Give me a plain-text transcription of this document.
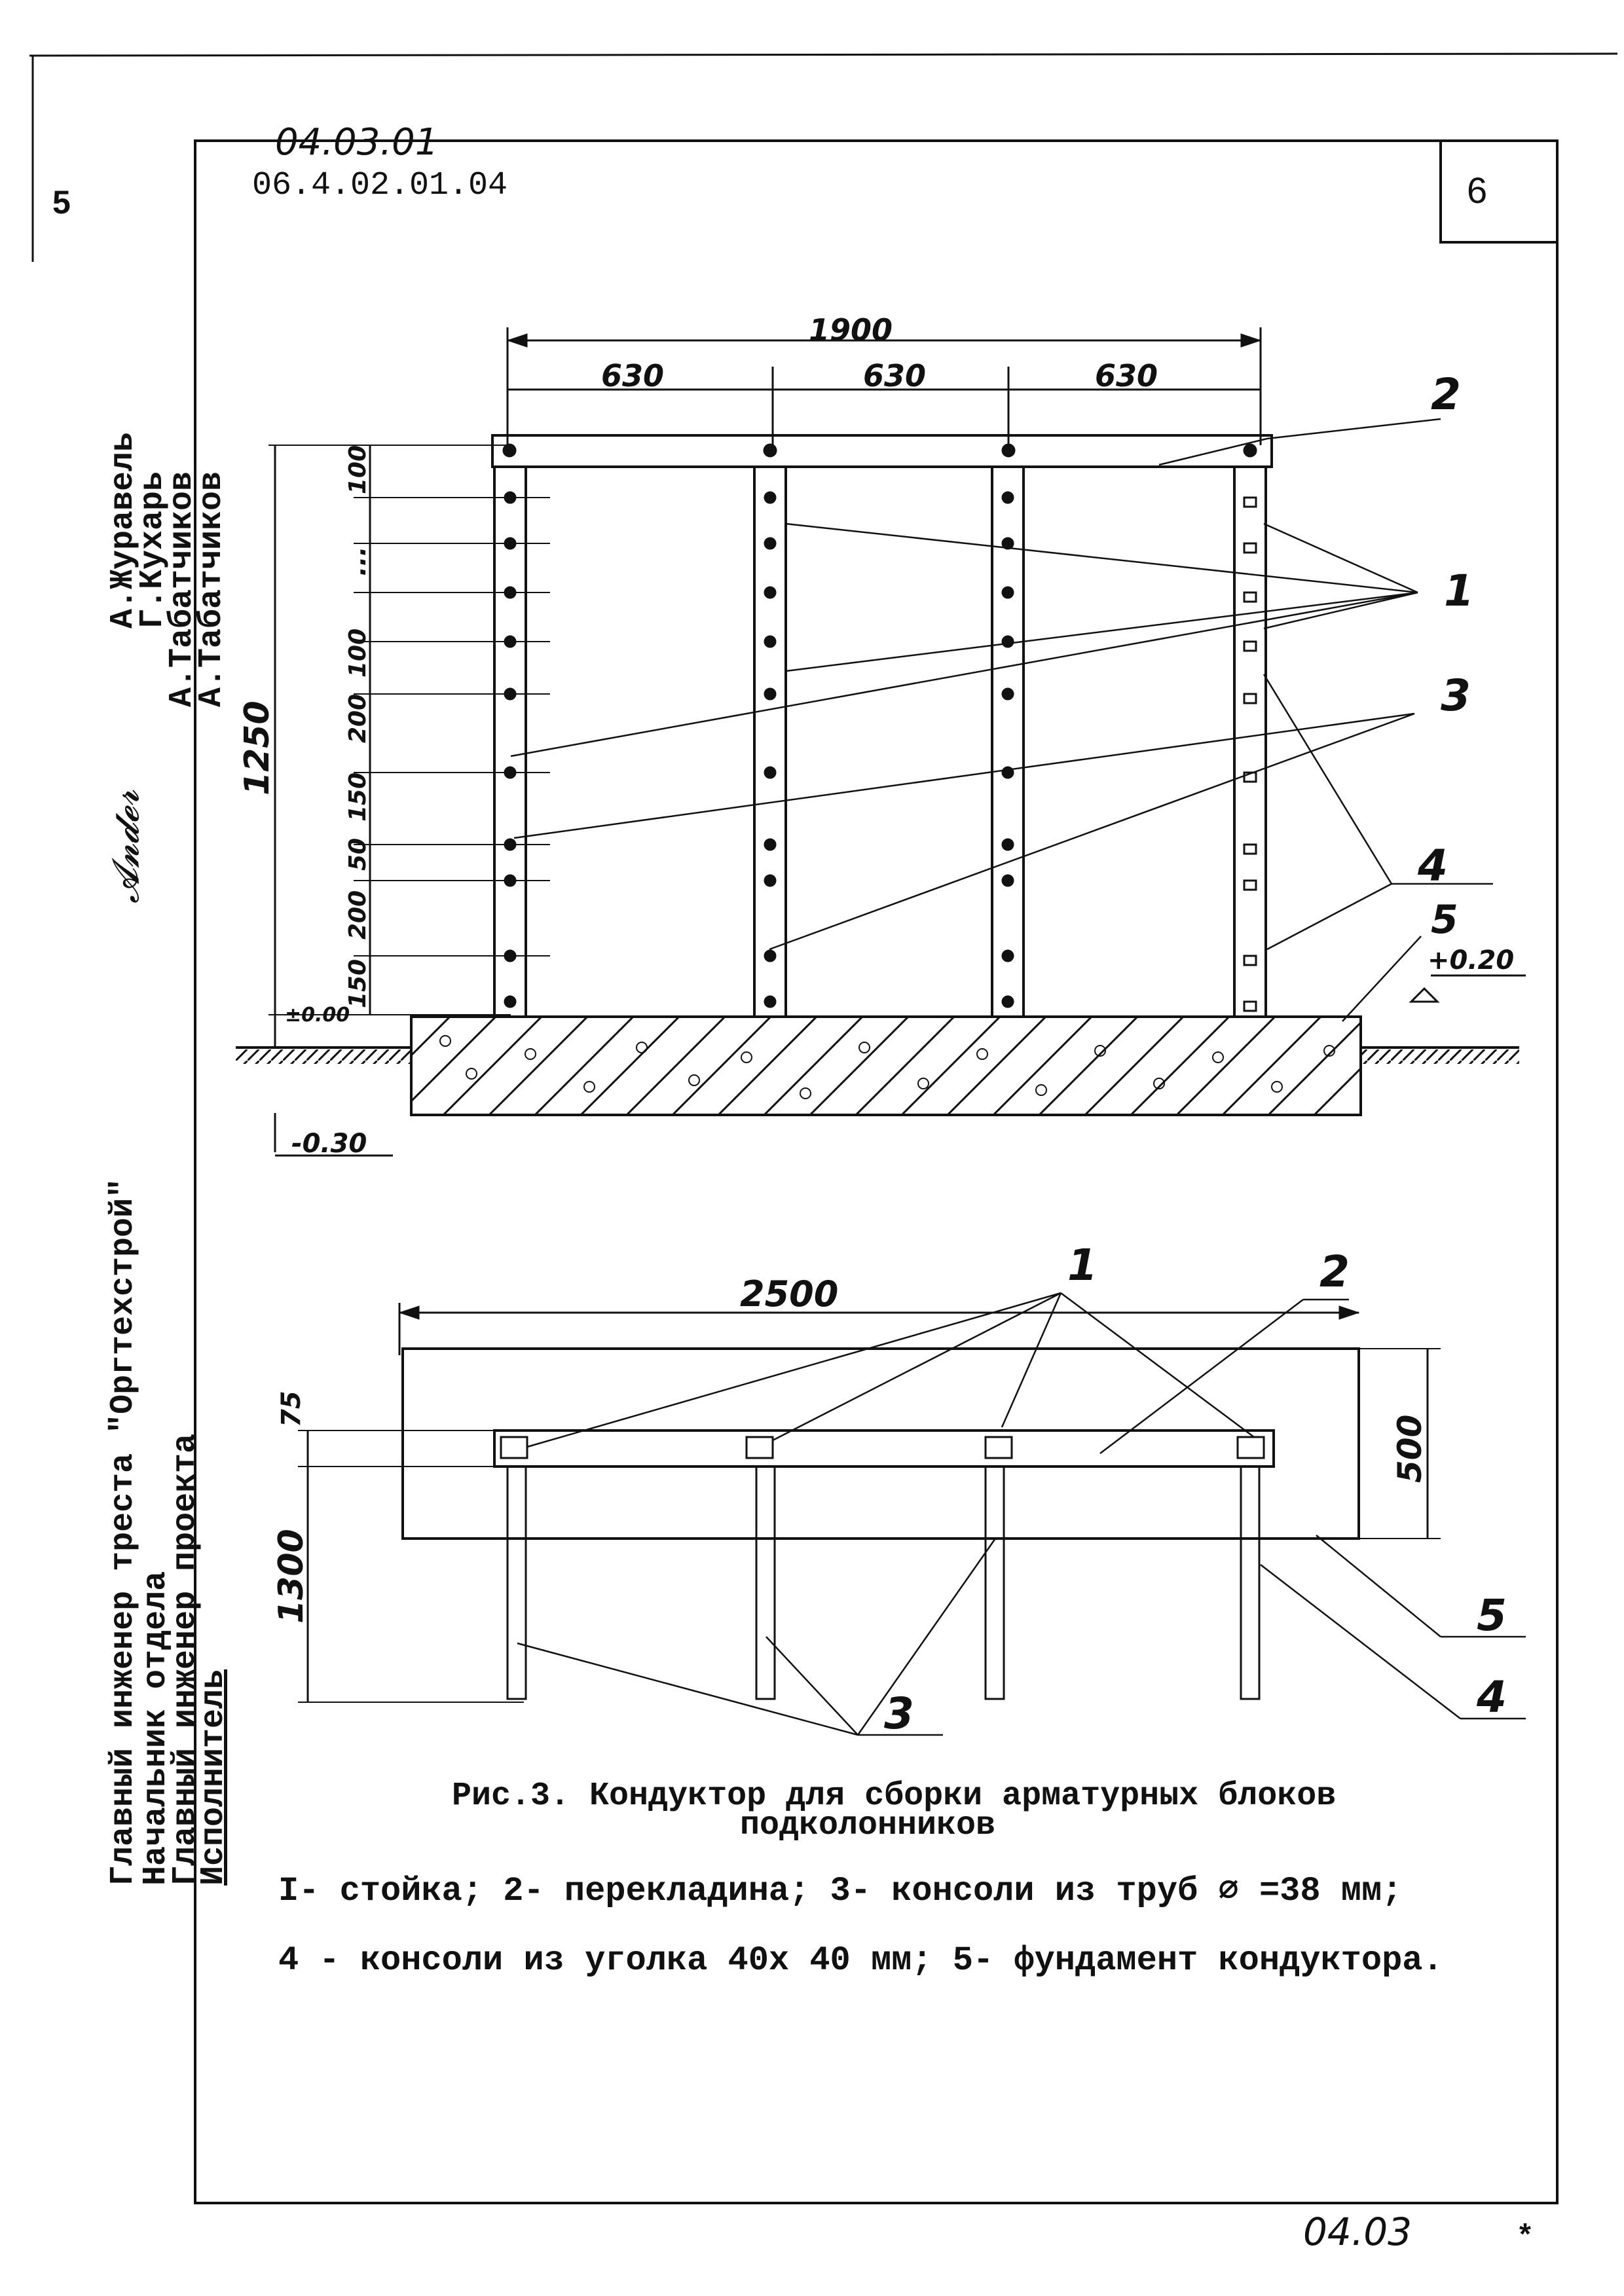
1900
630	630	630
1250
100
...
100
200
150
50
200
150	+0.20
±0.00
-0.30
2
1
3
4
5
2500
75
1300
500
1	2
5
4
3
5
04.03.01
06.4.02.01.04	6
Главный инженер треста "Оргтехстрой"
Начальник отдела
Главный инженер проекта
Исполнитель
𝓐𝓷𝓭𝓮𝓻
А.Журавель
Г.Кухарь
А.Табатчиков
А.Табатчиков
Рис.3. Кондуктор для сборки арматурных блоков
подколонников
I- стойка; 2- перекладина; 3- консоли из труб ∅ =38 мм;
4 - консоли из уголка 40х 40 мм; 5- фундамент кондуктора.
04.03	*
